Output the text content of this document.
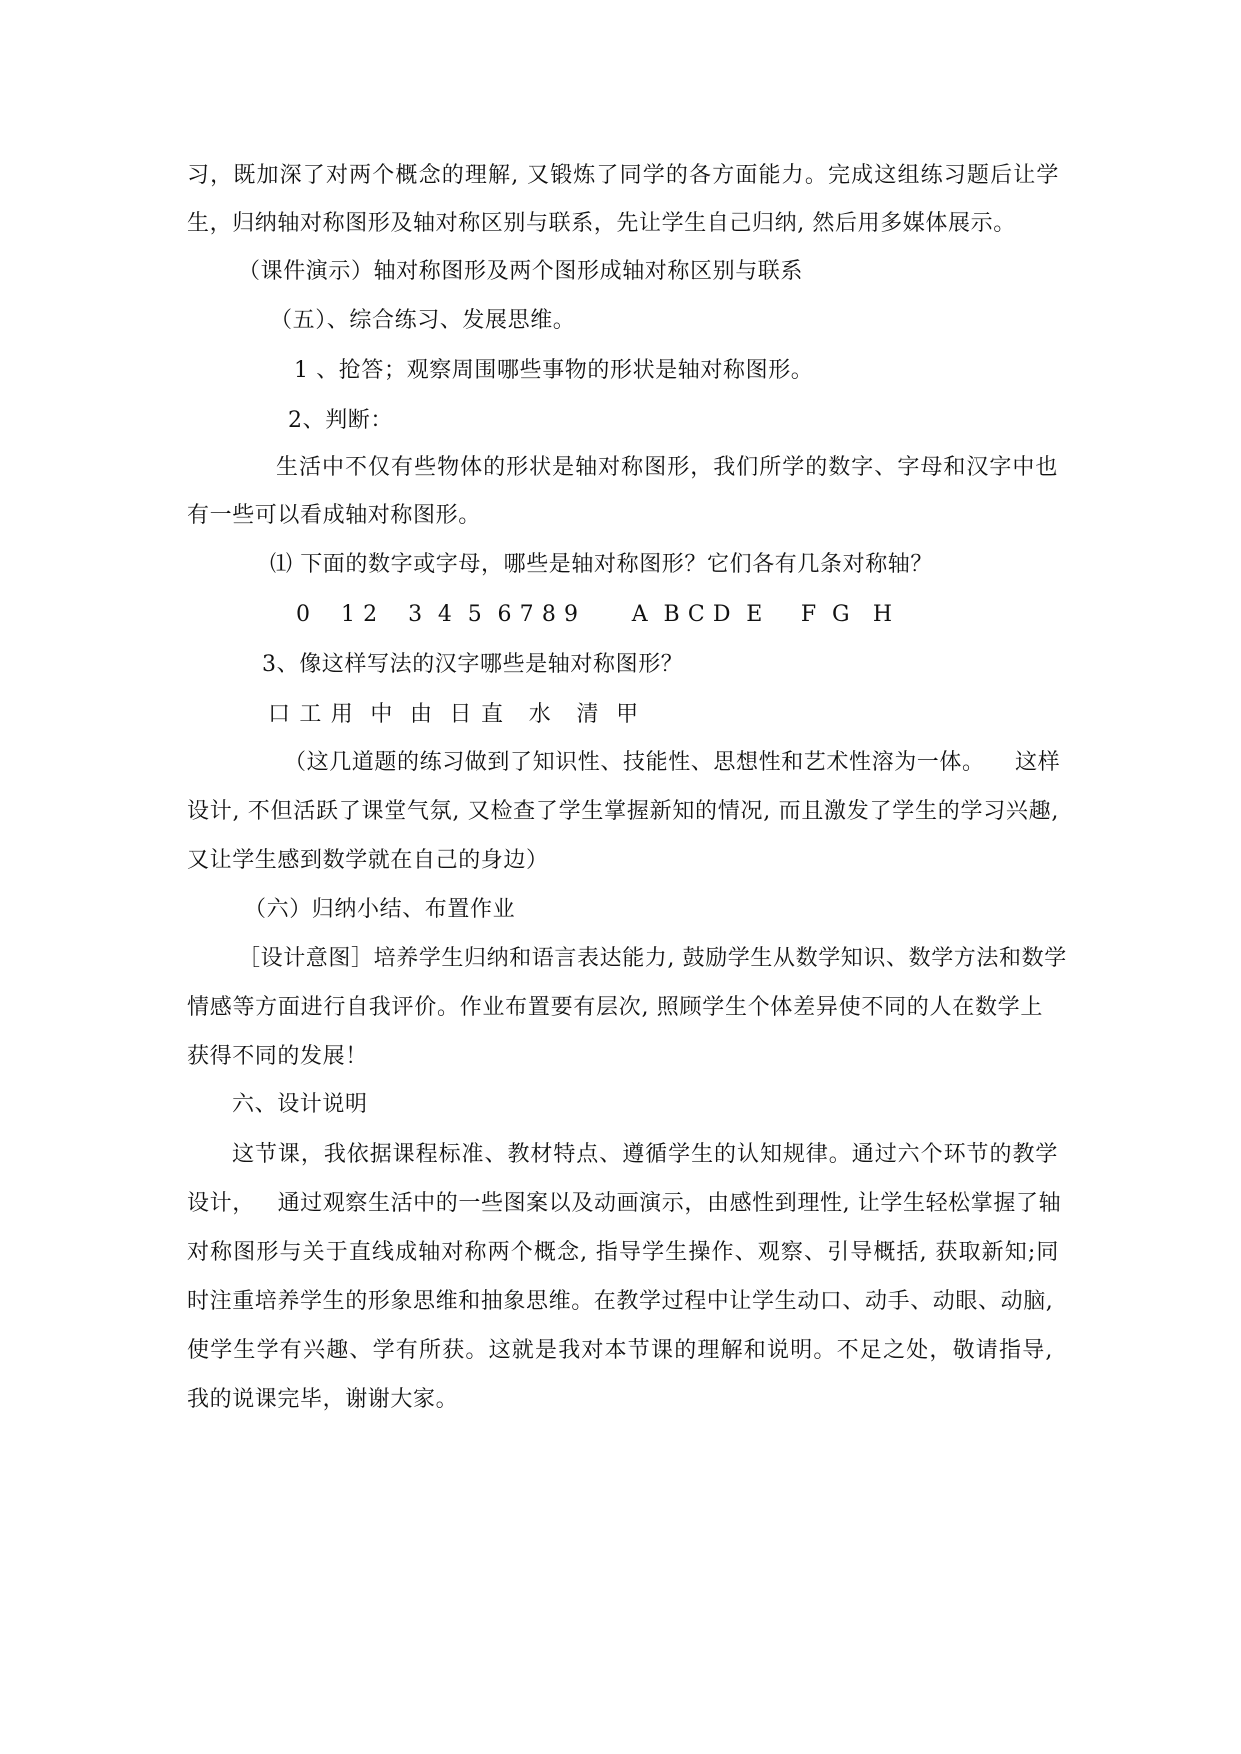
习，既加深了对两个概念的理解, 又锻炼了同学的各方面能力。完成这组练习题后让学
生，归纳轴对称图形及轴对称区别与联系，先让学生自己归纳, 然后用多媒体展示。
（课件演示）轴对称图形及两个图形成轴对称区别与联系
（五）、综合练习、发展思维。
1 、抢答；观察周围哪些事物的形状是轴对称图形。
2、判断：
生活中不仅有些物体的形状是轴对称图形，我们所学的数字、字母和汉字中也
有一些可以看成轴对称图形。
⑴ 下面的数字或字母，哪些是轴对称图形？它们各有几条对称轴？
0    1 2    3  4  5  6 7 8 9       A  B C D  E     F  G   H
3、像这样写法的汉字哪些是轴对称图形？
口 工 用  中  由  日 直   水   清  甲
（这几道题的练习做到了知识性、技能性、思想性和艺术性溶为一体。    这样
设计, 不但活跃了课堂气氛, 又检查了学生掌握新知的情况, 而且激发了学生的学习兴趣,
又让学生感到数学就在自己的身边）
（六）归纳小结、布置作业
［设计意图］培养学生归纳和语言表达能力, 鼓励学生从数学知识、数学方法和数学
情感等方面进行自我评价。作业布置要有层次, 照顾学生个体差异使不同的人在数学上
获得不同的发展！
六、设计说明
这节课，我依据课程标准、教材特点、遵循学生的认知规律。通过六个环节的教学
设计，   通过观察生活中的一些图案以及动画演示，由感性到理性, 让学生轻松掌握了轴
对称图形与关于直线成轴对称两个概念, 指导学生操作、观察、引导概括, 获取新知;同
时注重培养学生的形象思维和抽象思维。在教学过程中让学生动口、动手、动眼、动脑,
使学生学有兴趣、学有所获。这就是我对本节课的理解和说明。不足之处，敬请指导,
我的说课完毕，谢谢大家。
